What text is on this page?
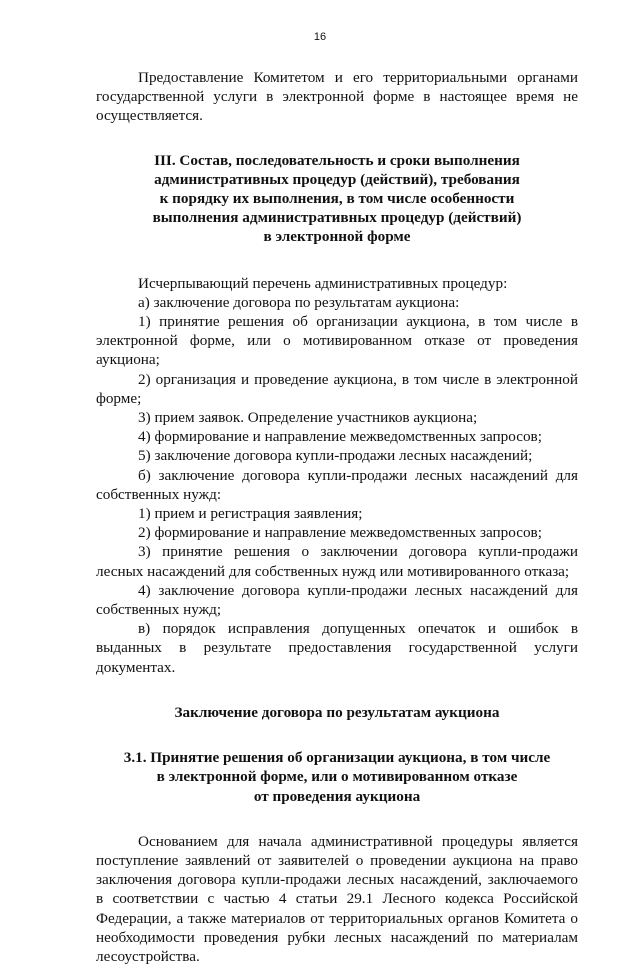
16

Предоставление Комитетом и его территориальными органами государственной услуги в электронной форме в настоящее время не осуществляется.

III. Состав, последовательность и сроки выполнения
административных процедур (действий), требования
к порядку их выполнения, в том числе особенности
выполнения административных процедур (действий)
в электронной форме

Исчерпывающий перечень административных процедур:

а) заключение договора по результатам аукциона:

1) принятие решения об организации аукциона, в том числе в электронной форме, или о мотивированном отказе от проведения аукциона;

2) организация и проведение аукциона, в том числе в электронной форме;

3) прием заявок. Определение участников аукциона;

4) формирование и направление межведомственных запросов;

5) заключение договора купли-продажи лесных насаждений;

б) заключение договора купли-продажи лесных насаждений для собственных нужд:

1) прием и регистрация заявления;

2) формирование и направление межведомственных запросов;

3) принятие решения о заключении договора купли-продажи лесных насаждений для собственных нужд или мотивированного отказа;

4) заключение договора купли-продажи лесных насаждений для собственных нужд;

в) порядок исправления допущенных опечаток и ошибок в выданных в результате предоставления государственной услуги документах.

Заключение договора по результатам аукциона
3.1. Принятие решения об организации аукциона, в том числе
в электронной форме, или о мотивированном отказе
от проведения аукциона

Основанием для начала административной процедуры является поступление заявлений от заявителей о проведении аукциона на право заключения договора купли-продажи лесных насаждений, заключаемого в соответствии с частью 4 статьи 29.1 Лесного кодекса Российской Федерации, а также материалов от территориальных органов Комитета о необходимости проведения рубки лесных насаждений по материалам лесоустройства.
